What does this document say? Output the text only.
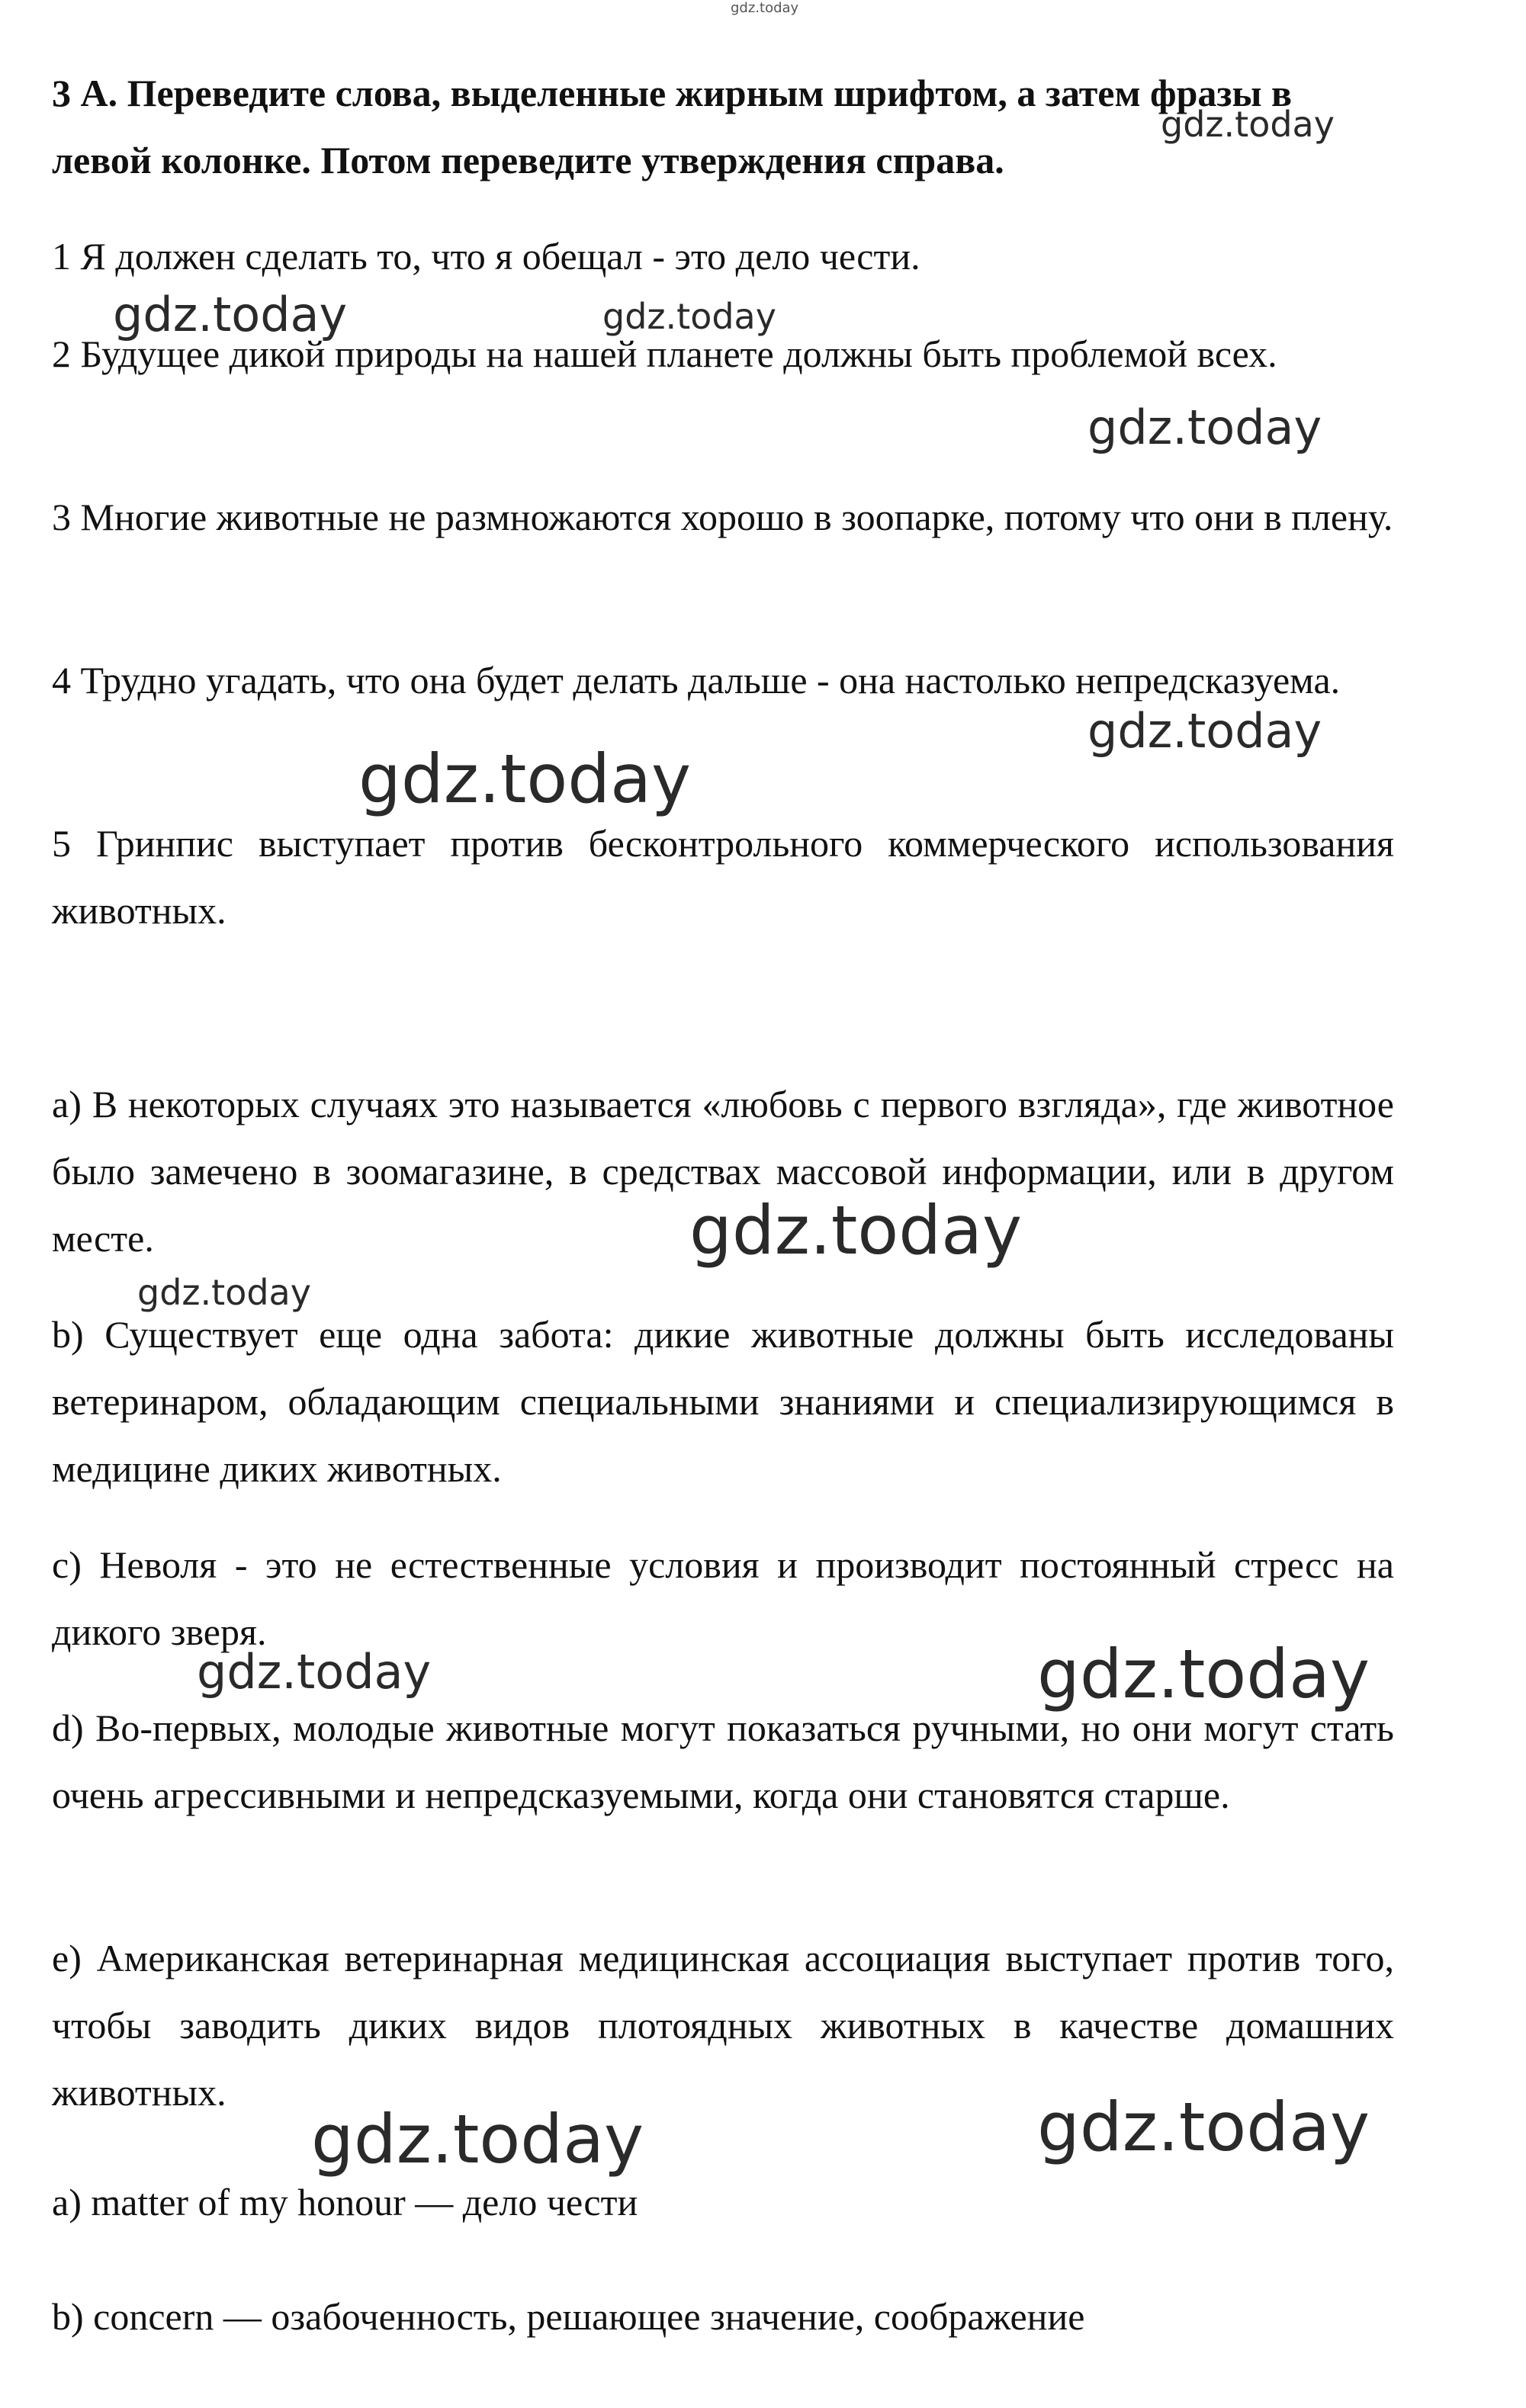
gdz.today
gdz.today
gdz.today	gdz.today
gdz.today
gdz.today
gdz.today
gdz.today
gdz.today
gdz.today	gdz.today
gdz.today
gdz.today

3 А. Переведите слова, выделенные жирным шрифтом, а затем фразы в левой колонке. Потом переведите утверждения справа.

1 Я должен сделать то, что я обещал - это дело чести.

2 Будущее дикой природы на нашей планете должны быть проблемой всех.

3 Многие животные не размножаются хорошо в зоопарке, потому что они в плену.

4 Трудно угадать, что она будет делать дальше - она настолько непредсказуема.

5 Гринпис выступает против бесконтрольного коммерческого использования животных.

a) В некоторых случаях это называется «любовь с первого взгляда», где животное было замечено в зоомагазине, в средствах массовой информации, или в другом месте.

b) Существует еще одна забота: дикие животные должны быть исследованы ветеринаром, обладающим специальными знаниями и специализирующимся в медицине диких животных.

c) Неволя - это не естественные условия и производит постоянный стресс на дикого зверя.

d) Во-первых, молодые животные могут показаться ручными, но они могут стать очень агрессивными и непредсказуемыми, когда они становятся старше.

e) Американская ветеринарная медицинская ассоциация выступает против того, чтобы заводить диких видов плотоядных животных в качестве домашних животных.

a) matter of my honour — дело чести

b) concern — озабоченность, решающее значение, соображение
